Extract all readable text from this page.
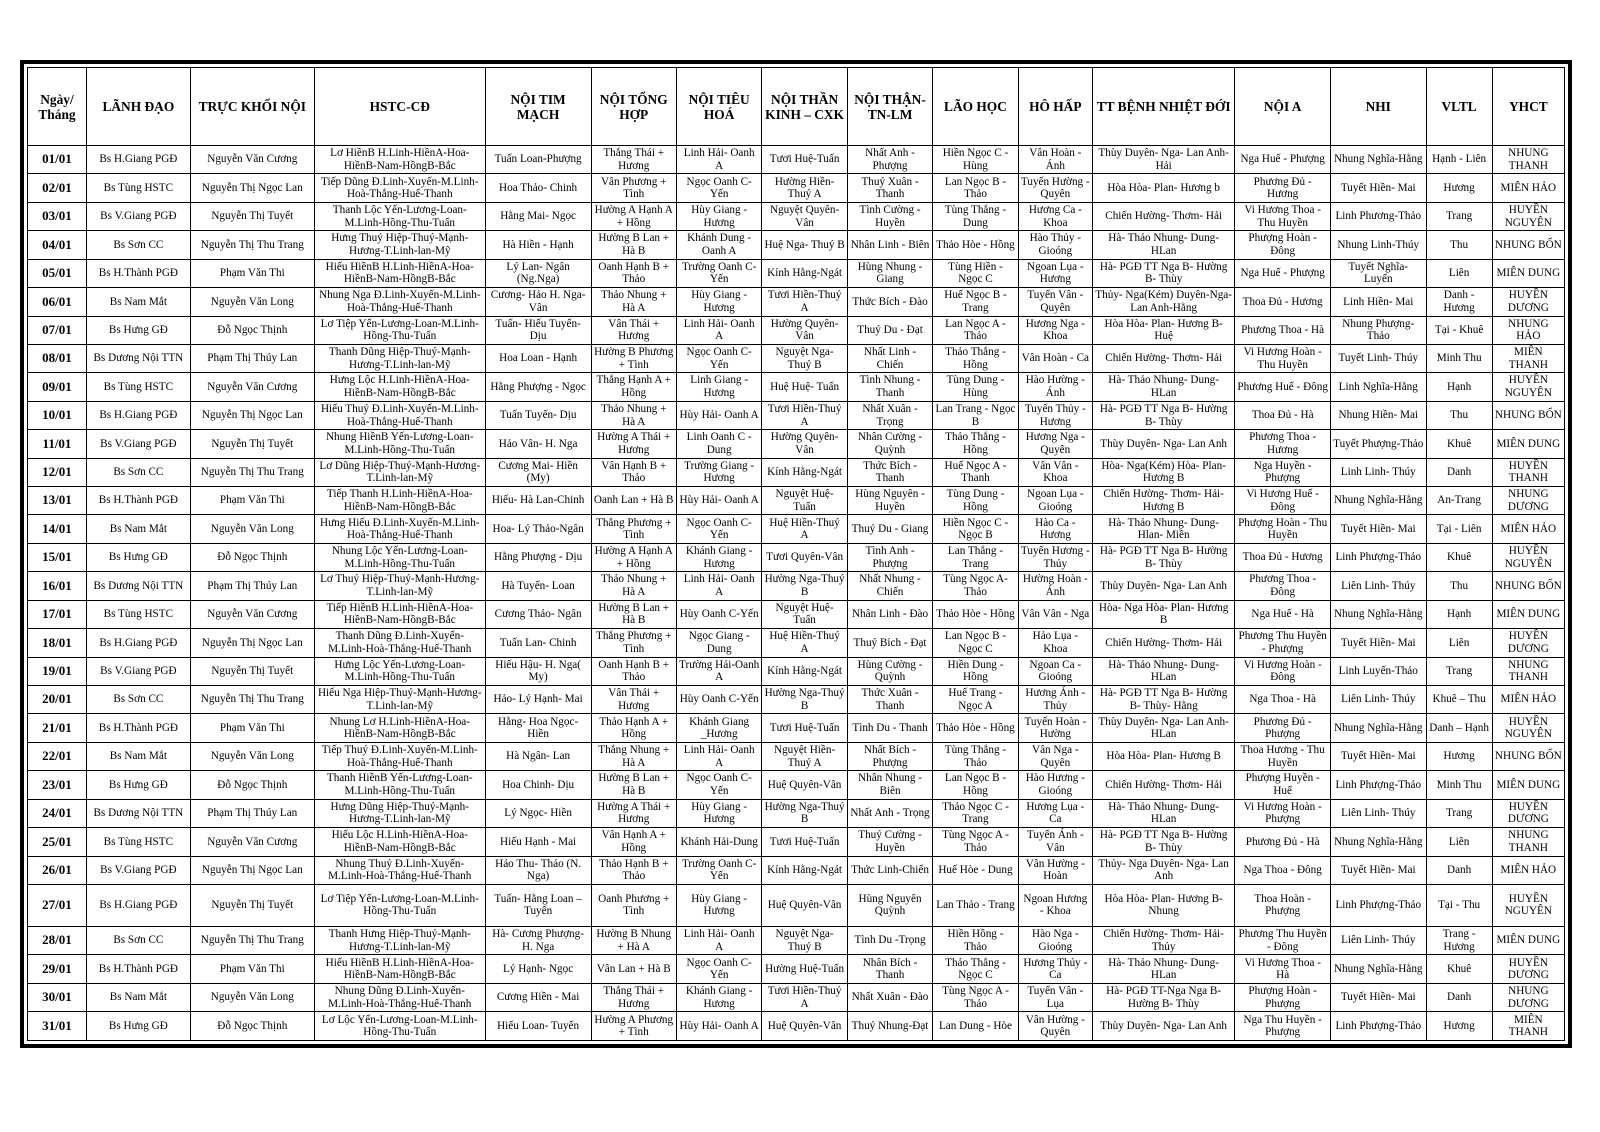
Ngày/ Tháng	LÃNH ĐẠO	TRỰC KHỐI NỘI	HSTC-CĐ	NỘI TIM MẠCH	NỘI TỔNG HỢP	NỘI TIÊU HOÁ	NỘI THẦN KINH – CXK	NỘI THẬN-TN-LM	LÃO HỌC	HÔ HẤP	TT BỆNH NHIỆT ĐỚI	NỘI A	NHI	VLTL	YHCT
01/01	Bs H.Giang PGĐ	Nguyễn Văn Cương	Lơ HiềnB H.Linh-HiềnA-Hoa-HiềnB-Nam-HồngB-Bắc	Tuấn Loan-Phượng	Thắng Thái + Hương	Linh Hải- Oanh A	Tươi Huệ-Tuấn	Nhất Anh - Phượng	Hiền Ngọc C - Hùng	Vân Hoàn - Ánh	Thùy Duyên- Nga- Lan Anh- Hải	Nga Huế - Phượng	Nhung Nghĩa-Hằng	Hạnh - Liên	NHUNG THANH
02/01	Bs Tùng HSTC	Nguyễn Thị Ngọc Lan	Tiếp Dũng Đ.Linh-Xuyến-M.Linh-Hoà-Thắng-Huế-Thanh	Hoa Thảo- Chinh	Vân Phương + Tình	Ngọc Oanh C-Yến	Hường Hiền-Thuý A	Thuý Xuân - Thanh	Lan Ngọc B - Thảo	Tuyến Hường - Quyên	Hòa Hòa- Plan- Hương b	Phương Đủ - Hương	Tuyết Hiền- Mai	Hương	MIÊN HẢO
03/01	Bs V.Giang PGĐ	Nguyễn Thị Tuyết	Thanh Lộc Yến-Lương-Loan-M.Linh-Hồng-Thu-Tuấn	Hằng Mai- Ngọc	Hường A Hạnh A + Hồng	Hùy Giang - Hương	Nguyệt Quyên-Vân	Tình Cường - Huyền	Tùng Thắng - Dung	Hương Ca - Khoa	Chiến Hường- Thơm- Hải	Vi Hương Thoa - Thu Huyền	Linh Phương-Thảo	Trang	HUYỀN NGUYÊN
04/01	Bs Sơn CC	Nguyễn Thị Thu Trang	Hưng Thuý Hiệp-Thuý-Mạnh-Hương-T.Linh-lan-Mỹ	Hà Hiền - Hạnh	Hường B Lan + Hà B	Khánh Dung - Oanh A	Huệ Nga- Thuý B	Nhân Linh - Biên	Thảo Hòe - Hồng	Hào Thủy - Gioóng	Hà- Thảo Nhung- Dung- HLan	Phượng Hoàn - Đông	Nhung Linh-Thúy	Thu	NHUNG BỐN
05/01	Bs H.Thành PGĐ	Phạm Văn Thi	Hiếu HiềnB H.Linh-HiềnA-Hoa-HiềnB-Nam-HồngB-Bắc	Lý Lan- Ngân (Ng.Nga)	Oanh Hạnh B + Thảo	Trường Oanh C-Yến	Kính Hằng-Ngát	Hùng Nhung - Giang	Tùng Hiền - Ngọc C	Ngoan Lụa - Hương	Hà- PGĐ TT Nga B- Hường B- Thùy	Nga Huế - Phượng	Tuyết Nghĩa- Luyến	Liên	MIÊN DUNG
06/01	Bs Nam Mắt	Nguyễn Văn Long	Nhung Nga Đ.Linh-Xuyến-M.Linh-Hoà-Thắng-Huế-Thanh	Cương- Hảo H. Nga- Vân	Thảo Nhung + Hà A	Hùy Giang - Hương	Tươi Hiền-Thuý A	Thức Bích - Đào	Huế Ngọc B - Trang	Tuyến Vân - Quyên	Thủy- Nga(Kém) Duyên-Nga- Lan Anh-Hằng	Thoa Đủ - Hương	Linh Hiền- Mai	Danh - Hương	HUYỀN DƯƠNG
07/01	Bs Hưng GĐ	Đỗ Ngọc Thịnh	Lơ Tiệp Yến-Lương-Loan-M.Linh-Hồng-Thu-Tuấn	Tuấn- Hiếu Tuyến-Dịu	Vân Thái + Hương	Linh Hải- Oanh A	Hường Quyên-Vân	Thuý Du - Đạt	Lan Ngọc A - Thảo	Hương Nga - Khoa	Hòa Hòa- Plan- Hương B- Huệ	Phương Thoa - Hà	Nhung Phượng-Thảo	Tại - Khuê	NHUNG HẢO
08/01	Bs Dương Nội TTN	Phạm Thị Thúy Lan	Thanh Dũng Hiệp-Thuý-Mạnh-Hương-T.Linh-lan-Mỹ	Hoa Loan - Hạnh	Hường B Phương + Tình	Ngọc Oanh C-Yến	Nguyệt Nga-Thuý B	Nhất Linh - Chiến	Thảo Thắng - Hồng	Vân Hoàn - Ca	Chiến Hường- Thơm- Hải	Vi Hương Hoàn - Thu Huyền	Tuyết Linh- Thúy	Minh Thu	MIÊN THANH
09/01	Bs Tùng HSTC	Nguyễn Văn Cương	Hưng Lộc H.Linh-HiềnA-Hoa-HiềnB-Nam-HồngB-Bắc	Hằng Phượng - Ngọc	Thắng Hạnh A + Hồng	Linh Giang - Hương	Huệ Huệ- Tuấn	Tình Nhung - Thanh	Tùng Dung - Hùng	Hào Hường - Ánh	Hà- Thảo Nhung- Dung- HLan	Phương Huế - Đông	Linh Nghĩa-Hằng	Hạnh	HUYỀN NGUYÊN
10/01	Bs H.Giang PGĐ	Nguyễn Thị Ngọc Lan	Hiếu Thuý Đ.Linh-Xuyến-M.Linh-Hoà-Thắng-Huế-Thanh	Tuấn Tuyến- Dịu	Thảo Nhung + Hà A	Hùy Hải- Oanh A	Tươi Hiền-Thuý A	Nhất Xuân - Trọng	Lan Trang - Ngọc B	Tuyến Thủy - Hương	Hà- PGĐ TT Nga B- Hường B- Thùy	Thoa Đủ - Hà	Nhung Hiền- Mai	Thu	NHUNG BỐN
11/01	Bs V.Giang PGĐ	Nguyễn Thị Tuyết	Nhung HiềnB Yến-Lương-Loan-M.Linh-Hồng-Thu-Tuấn	Hảo Vân- H. Nga	Hường A Thái + Hương	Linh Oanh C - Dung	Hường Quyên-Vân	Nhân Cường - Quỳnh	Thảo Thắng - Hồng	Hương Nga - Quyên	Thùy Duyên- Nga- Lan Anh	Phương Thoa - Hương	Tuyết Phượng-Thảo	Khuê	MIÊN DUNG
12/01	Bs Sơn CC	Nguyễn Thị Thu Trang	Lơ Dũng Hiệp-Thuý-Mạnh-Hương-T.Linh-lan-Mỹ	Cương Mai- Hiền (My)	Vân Hạnh B + Thảo	Trường Giang - Hương	Kính Hằng-Ngát	Thức Bích - Thanh	Huế Ngọc A - Thanh	Vân Vân - Khoa	Hòa- Nga(Kém) Hòa- Plan- Hương B	Nga Huyền - Phượng	Linh Linh- Thúy	Danh	HUYỀN THANH
13/01	Bs H.Thành PGĐ	Phạm Văn Thi	Tiếp Thanh H.Linh-HiềnA-Hoa-HiềnB-Nam-HồngB-Bắc	Hiếu- Hà Lan-Chinh	Oanh Lan + Hà B	Hùy Hải- Oanh A	Nguyệt Huệ-Tuấn	Hùng Nguyên - Huyền	Tùng Dung - Hồng	Ngoan Lụa - Gioóng	Chiến Hường- Thơm- Hải- Hương B	Vi Hương Huế - Đông	Nhung Nghĩa-Hằng	An-Trang	NHUNG DƯƠNG
14/01	Bs Nam Mắt	Nguyễn Văn Long	Hưng Hiếu Đ.Linh-Xuyến-M.Linh-Hoà-Thắng-Huế-Thanh	Hoa- Lý Thảo-Ngân	Thắng Phương + Tình	Ngọc Oanh C-Yến	Huệ Hiền-Thuý A	Thuý Du - Giang	Hiền Ngọc C - Ngọc B	Hào Ca - Hương	Hà- Thảo Nhung- Dung- Hlan- Miền	Phượng Hoàn - Thu Huyền	Tuyết Hiền- Mai	Tại - Liên	MIÊN HẢO
15/01	Bs Hưng GĐ	Đỗ Ngọc Thịnh	Nhung Lộc Yến-Lương-Loan-M.Linh-Hồng-Thu-Tuấn	Hằng Phượng - Dịu	Hường A Hạnh A + Hồng	Khánh Giang - Hương	Tươi Quyên-Vân	Tình Anh - Phượng	Lan Thắng - Trang	Tuyến Hương - Thủy	Hà- PGĐ TT Nga B- Hường B- Thùy	Thoa Đủ - Hương	Linh Phượng-Thảo	Khuê	HUYỀN NGUYÊN
16/01	Bs Dương Nội TTN	Phạm Thị Thúy Lan	Lơ Thuý Hiệp-Thuý-Mạnh-Hương-T.Linh-lan-Mỹ	Hà Tuyến- Loan	Thảo Nhung + Hà A	Linh Hải- Oanh A	Hường Nga-Thuý B	Nhất Nhung - Chiến	Tùng Ngọc A- Thảo	Hường Hoàn - Ánh	Thùy Duyên- Nga- Lan Anh	Phương Thoa - Đông	Liên Linh- Thúy	Thu	NHUNG BỐN
17/01	Bs Tùng HSTC	Nguyễn Văn Cương	Tiếp HiềnB H.Linh-HiềnA-Hoa-HiềnB-Nam-HồngB-Bắc	Cương Thảo- Ngân	Hường B Lan + Hà B	Hùy Oanh C-Yến	Nguyệt Huệ-Tuấn	Nhân Linh - Đào	Thảo Hòe - Hồng	Vân Vân - Nga	Hòa- Nga Hòa- Plan- Hương B	Nga Huế - Hà	Nhung Nghĩa-Hằng	Hạnh	MIÊN DUNG
18/01	Bs H.Giang PGĐ	Nguyễn Thị Ngọc Lan	Thanh Dũng Đ.Linh-Xuyến-M.Linh-Hoà-Thắng-Huế-Thanh	Tuấn Lan- Chinh	Thắng Phương + Tình	Ngọc Giang - Dung	Huệ Hiền-Thuý A	Thuý Bích - Đạt	Lan Ngọc B - Ngọc C	Hảo Lụa - Khoa	Chiến Hường- Thơm- Hải	Phương Thu Huyền - Phượng	Tuyết Hiền- Mai	Liên	HUYỀN DƯƠNG
19/01	Bs V.Giang PGĐ	Nguyễn Thị Tuyết	Hưng Lộc Yến-Lương-Loan-M.Linh-Hồng-Thu-Tuấn	Hiếu Hậu- H. Nga( My)	Oanh Hạnh B + Thảo	Trường Hải-Oanh A	Kính Hằng-Ngát	Hùng Cường - Quỳnh	Hiền Dung - Hồng	Ngoan Ca - Gioóng	Hà- Thảo Nhung- Dung- HLan	Vi Hương Hoàn - Đông	Linh Luyến-Thảo	Trang	NHUNG THANH
20/01	Bs Sơn CC	Nguyễn Thị Thu Trang	Hiếu Nga Hiệp-Thuý-Mạnh-Hương-T.Linh-lan-Mỹ	Hảo- Lý Hạnh- Mai	Vân Thái + Hương	Hùy Oanh C-Yến	Hường Nga-Thuý B	Thức Xuân - Thanh	Huế Trang - Ngọc A	Hương Ánh - Thủy	Hà- PGĐ TT Nga B- Hường B- Thùy- Hằng	Nga Thoa - Hà	Liên Linh- Thúy	Khuê – Thu	MIÊN HẢO
21/01	Bs H.Thành PGĐ	Phạm Văn Thi	Nhung Lơ H.Linh-HiềnA-Hoa-HiềnB-Nam-HồngB-Bắc	Hằng- Hoa Ngọc-Hiền	Thảo Hạnh A + Hồng	Khánh Giang _Hương	Tươi Huệ-Tuấn	Tình Du - Thanh	Thảo Hòe - Hồng	Tuyến Hoàn - Hường	Thùy Duyên- Nga- Lan Anh- HLan	Phương Đủ - Phượng	Nhung Nghĩa-Hằng	Danh – Hạnh	HUYỀN NGUYÊN
22/01	Bs Nam Mắt	Nguyễn Văn Long	Tiếp Thuý Đ.Linh-Xuyến-M.Linh-Hoà-Thắng-Huế-Thanh	Hà Ngân- Lan	Thắng Nhung + Hà A	Linh Hải- Oanh A	Nguyệt Hiền-Thuý A	Nhất Bích - Phượng	Tùng Thắng - Thảo	Vân Nga - Quyên	Hòa Hòa- Plan- Hương B	Thoa Hương - Thu Huyền	Tuyết Hiền- Mai	Hương	NHUNG BỐN
23/01	Bs Hưng GĐ	Đỗ Ngọc Thịnh	Thanh HiềnB Yến-Lương-Loan-M.Linh-Hồng-Thu-Tuấn	Hoa Chinh- Dịu	Hường B Lan + Hà B	Ngọc Oanh C-Yến	Huệ Quyên-Vân	Nhân Nhung - Biên	Lan Ngọc B - Hồng	Hào Hương - Gioóng	Chiến Hường- Thơm- Hải	Phượng Huyền - Huế	Linh Phượng-Thảo	Minh Thu	MIÊN DUNG
24/01	Bs Dương Nội TTN	Phạm Thị Thúy Lan	Hưng Dũng Hiệp-Thuý-Mạnh-Hương-T.Linh-lan-Mỹ	Lý Ngọc- Hiền	Hường A Thái + Hương	Hùy Giang - Hương	Hường Nga-Thuý B	Nhất Anh - Trọng	Thảo Ngọc C - Trang	Hương Lụa - Ca	Hà- Thảo Nhung- Dung- HLan	Vi Hương Hoàn - Phượng	Liên Linh- Thúy	Trang	HUYỀN DƯƠNG
25/01	Bs Tùng HSTC	Nguyễn Văn Cương	Hiếu Lộc H.Linh-HiềnA-Hoa-HiềnB-Nam-HồngB-Bắc	Hiếu Hạnh - Mai	Vân Hạnh A + Hồng	Khánh Hải-Dung	Tươi Huệ-Tuấn	Thuý Cường - Huyền	Tùng Ngọc A - Thảo	Tuyến Ánh - Vân	Hà- PGĐ TT Nga B- Hường B- Thùy	Phương Đủ - Hà	Nhung Nghĩa-Hằng	Liên	NHUNG THANH
26/01	Bs V.Giang PGĐ	Nguyễn Thị Ngọc Lan	Nhung Thuý Đ.Linh-Xuyến-M.Linh-Hoà-Thắng-Huế-Thanh	Hảo Thu- Thảo (N. Nga)	Thảo Hạnh B + Thảo	Trường Oanh C-Yến	Kính Hằng-Ngát	Thức Linh-Chiến	Huế Hòe - Dung	Vân Hường - Hoàn	Thủy- Nga Duyên- Nga- Lan Anh	Nga Thoa - Đông	Tuyết Hiền- Mai	Danh	MIÊN HẢO
27/01	Bs H.Giang PGĐ	Nguyễn Thị Tuyết	Lơ Tiệp Yến-Lương-Loan-M.Linh-Hồng-Thu-Tuấn	Tuấn- Hằng Loan – Tuyến	Oanh Phương + Tình	Hùy Giang - Hương	Huệ Quyên-Vân	Hùng Nguyên Quỳnh	Lan Thảo - Trang	Ngoan Hương - Khoa	Hòa Hòa- Plan- Hương B- Nhung	Thoa Hoàn - Phượng	Linh Phượng-Thảo	Tại - Thu	HUYỀN NGUYÊN
28/01	Bs Sơn CC	Nguyễn Thị Thu Trang	Thanh Hưng Hiệp-Thuý-Mạnh-Hương-T.Linh-lan-Mỹ	Hà- Cương Phượng- H. Nga	Hường B Nhung + Hà A	Linh Hải- Oanh A	Nguyệt Nga-Thuý B	Tình Du -Trọng	Hiền Hồng - Thảo	Hào Nga - Gioóng	Chiến Hường- Thơm- Hải- Thủy	Phương Thu Huyền - Đông	Liên Linh- Thúy	Trang - Hương	MIÊN DUNG
29/01	Bs H.Thành PGĐ	Phạm Văn Thi	Hiếu HiềnB H.Linh-HiềnA-Hoa-HiềnB-Nam-HồngB-Bắc	Lý Hạnh- Ngọc	Vân Lan + Hà B	Ngọc Oanh C-Yến	Hường Huệ-Tuấn	Nhân Bích - Thanh	Thảo Thắng - Ngọc C	Hương Thủy - Ca	Hà- Thảo Nhung- Dung- HLan	Vi Hương Thoa - Hà	Nhung Nghĩa-Hằng	Khuê	HUYỀN DƯƠNG
30/01	Bs Nam Mắt	Nguyễn Văn Long	Nhung Dũng Đ.Linh-Xuyến-M.Linh-Hoà-Thắng-Huế-Thanh	Cương Hiền - Mai	Thắng Thái + Hương	Khánh Giang - Hương	Tươi Hiền-Thuý A	Nhất Xuân - Đào	Tùng Ngọc A - Thảo	Tuyến Vân - Lụa	Hà- PGĐ TT-Nga Nga B- Hường B- Thùy	Phượng Hoàn - Phượng	Tuyết Hiền- Mai	Danh	NHUNG DƯƠNG
31/01	Bs Hưng GĐ	Đỗ Ngọc Thịnh	Lơ Lộc Yến-Lương-Loan-M.Linh-Hồng-Thu-Tuấn	Hiếu Loan- Tuyến	Hường A Phương + Tình	Hùy Hải- Oanh A	Huệ Quyên-Vân	Thuý Nhung-Đạt	Lan Dung - Hòe	Vân Hường - Quyên	Thùy Duyên- Nga- Lan Anh	Nga Thu Huyền - Phượng	Linh Phượng-Thảo	Hương	MIÊN THANH
